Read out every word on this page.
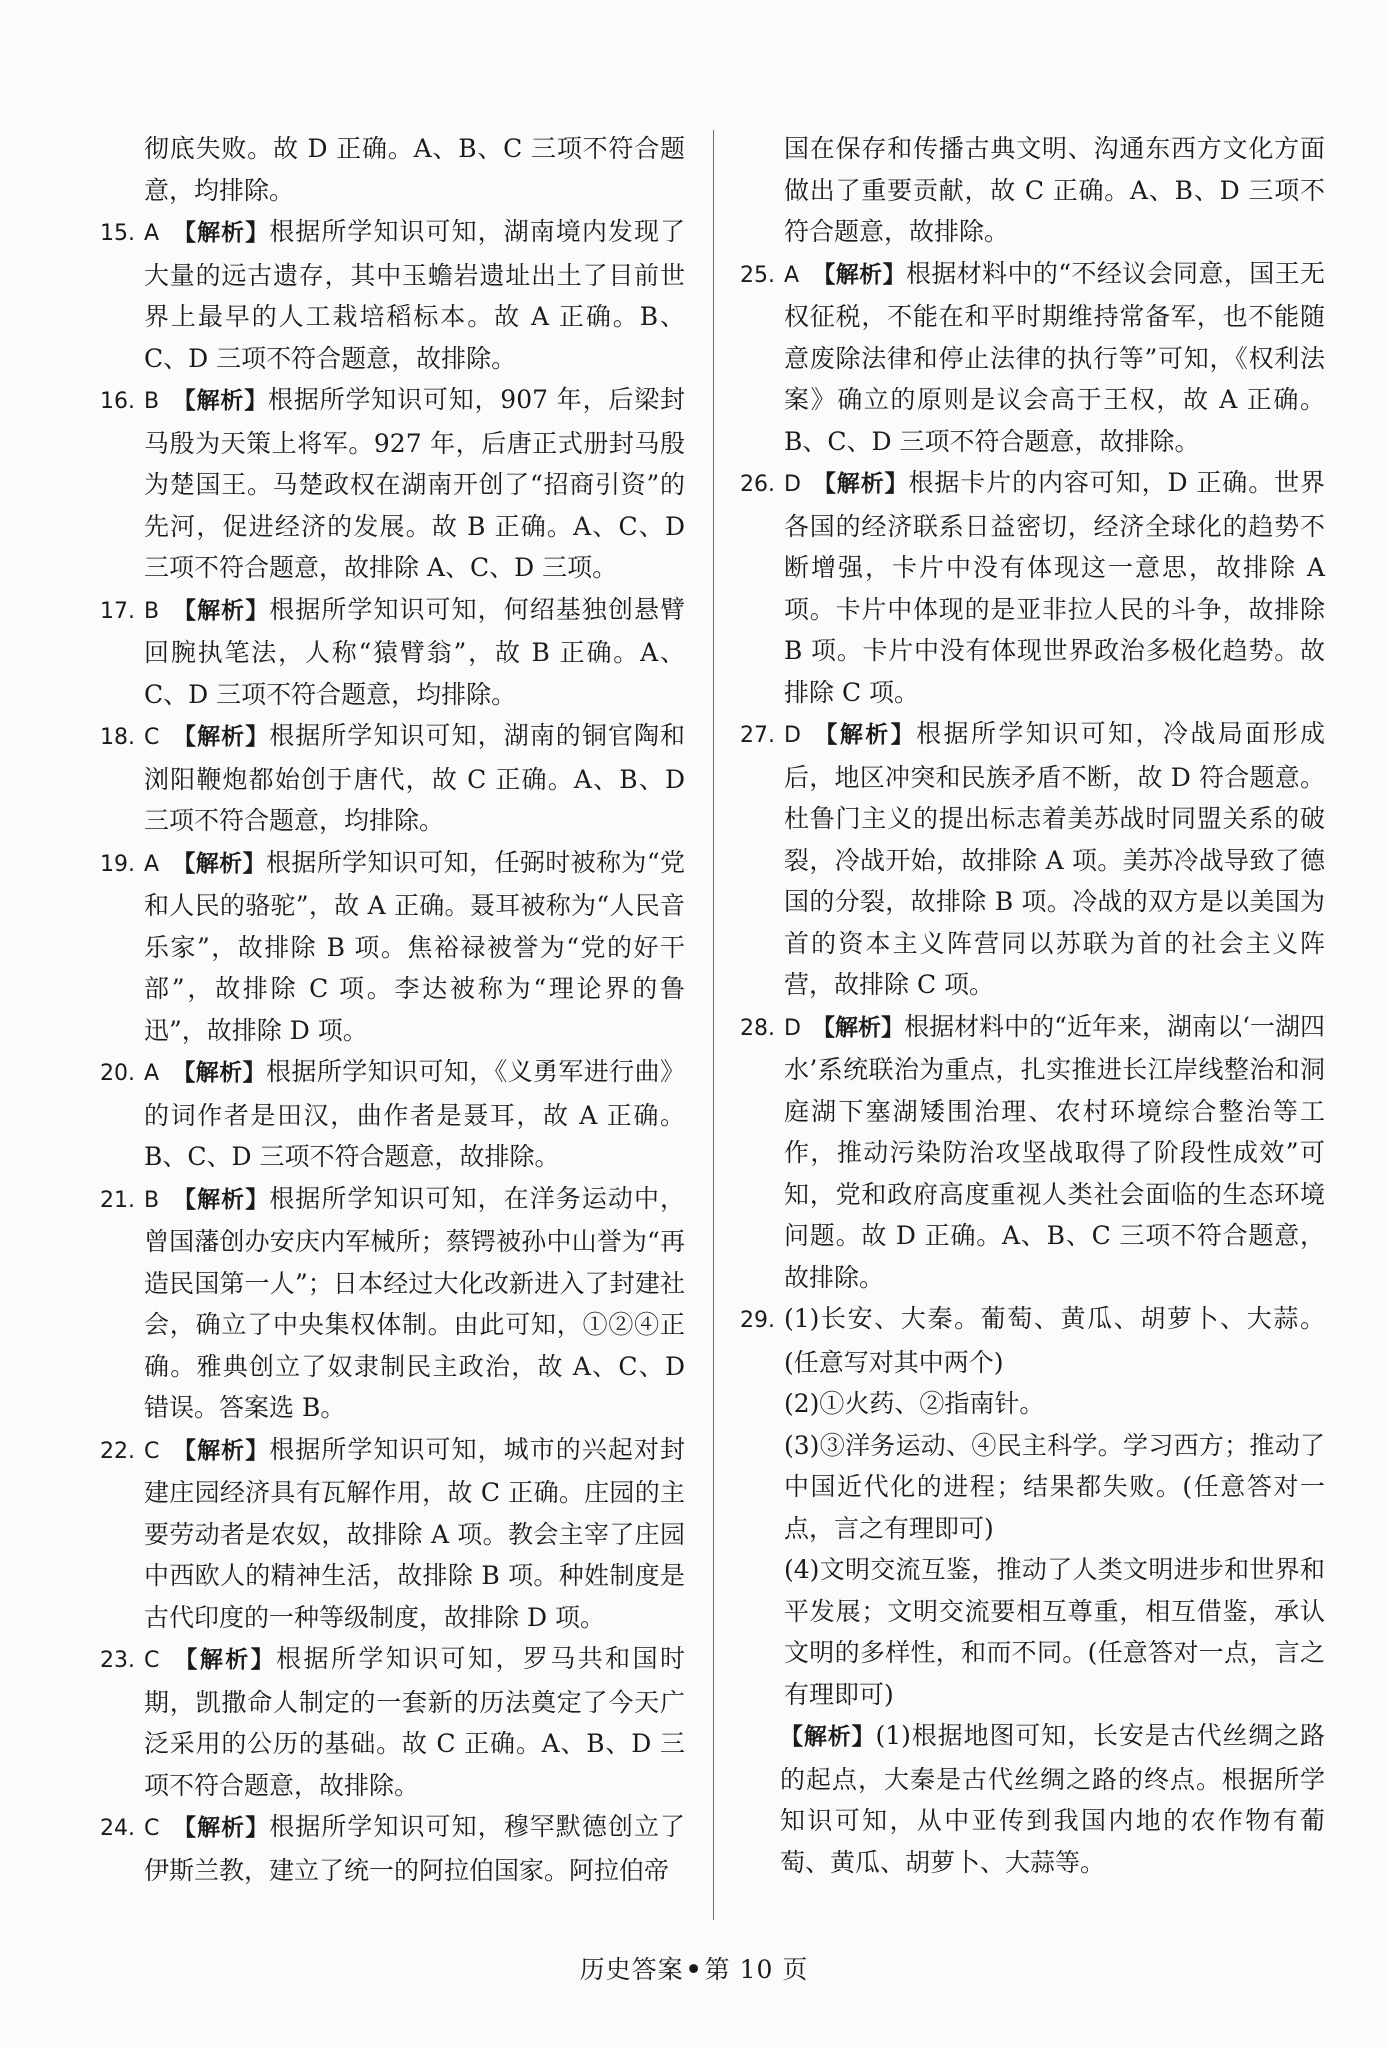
彻底失败。故 D 正确。A、B、C 三项不符合题意，均排除。

15. A 【解析】根据所学知识可知，湖南境内发现了大量的远古遗存，其中玉蟾岩遗址出土了目前世界上最早的人工栽培稻标本。故 A 正确。B、C、D 三项不符合题意，故排除。

16. B 【解析】根据所学知识可知，907 年，后梁封马殷为天策上将军。927 年，后唐正式册封马殷为楚国王。马楚政权在湖南开创了“招商引资”的先河，促进经济的发展。故 B 正确。A、C、D 三项不符合题意，故排除 A、C、D 三项。

17. B 【解析】根据所学知识可知，何绍基独创悬臂回腕执笔法，人称“猿臂翁”，故 B 正确。A、C、D 三项不符合题意，均排除。

18. C 【解析】根据所学知识可知，湖南的铜官陶和浏阳鞭炮都始创于唐代，故 C 正确。A、B、D 三项不符合题意，均排除。

19. A 【解析】根据所学知识可知，任弼时被称为“党和人民的骆驼”，故 A 正确。聂耳被称为“人民音乐家”，故排除 B 项。焦裕禄被誉为“党的好干部”，故排除 C 项。李达被称为“理论界的鲁迅”，故排除 D 项。

20. A 【解析】根据所学知识可知，《义勇军进行曲》的词作者是田汉，曲作者是聂耳，故 A 正确。B、C、D 三项不符合题意，故排除。

21. B 【解析】根据所学知识可知，在洋务运动中，曾国藩创办安庆内军械所；蔡锷被孙中山誉为“再造民国第一人”；日本经过大化改新进入了封建社会，确立了中央集权体制。由此可知，①②④正确。雅典创立了奴隶制民主政治，故 A、C、D 错误。答案选 B。

22. C 【解析】根据所学知识可知，城市的兴起对封建庄园经济具有瓦解作用，故 C 正确。庄园的主要劳动者是农奴，故排除 A 项。教会主宰了庄园中西欧人的精神生活，故排除 B 项。种姓制度是古代印度的一种等级制度，故排除 D 项。

23. C 【解析】根据所学知识可知，罗马共和国时期，凯撒命人制定的一套新的历法奠定了今天广泛采用的公历的基础。故 C 正确。A、B、D 三项不符合题意，故排除。

24. C 【解析】根据所学知识可知，穆罕默德创立了伊斯兰教，建立了统一的阿拉伯国家。阿拉伯帝

国在保存和传播古典文明、沟通东西方文化方面做出了重要贡献，故 C 正确。A、B、D 三项不符合题意，故排除。

25. A 【解析】根据材料中的“不经议会同意，国王无权征税，不能在和平时期维持常备军，也不能随意废除法律和停止法律的执行等”可知，《权利法案》确立的原则是议会高于王权，故 A 正确。B、C、D 三项不符合题意，故排除。

26. D 【解析】根据卡片的内容可知，D 正确。世界各国的经济联系日益密切，经济全球化的趋势不断增强，卡片中没有体现这一意思，故排除 A 项。卡片中体现的是亚非拉人民的斗争，故排除 B 项。卡片中没有体现世界政治多极化趋势。故排除 C 项。

27. D 【解析】根据所学知识可知，冷战局面形成后，地区冲突和民族矛盾不断，故 D 符合题意。杜鲁门主义的提出标志着美苏战时同盟关系的破裂，冷战开始，故排除 A 项。美苏冷战导致了德国的分裂，故排除 B 项。冷战的双方是以美国为首的资本主义阵营同以苏联为首的社会主义阵营，故排除 C 项。

28. D 【解析】根据材料中的“近年来，湖南以‘一湖四水’系统联治为重点，扎实推进长江岸线整治和洞庭湖下塞湖矮围治理、农村环境综合整治等工作，推动污染防治攻坚战取得了阶段性成效”可知，党和政府高度重视人类社会面临的生态环境问题。故 D 正确。A、B、C 三项不符合题意，故排除。

29. (1)长安、大秦。葡萄、黄瓜、胡萝卜、大蒜。(任意写对其中两个)

(2)①火药、②指南针。

(3)③洋务运动、④民主科学。学习西方；推动了中国近代化的进程；结果都失败。(任意答对一点，言之有理即可)

(4)文明交流互鉴，推动了人类文明进步和世界和平发展；文明交流要相互尊重，相互借鉴，承认文明的多样性，和而不同。(任意答对一点，言之有理即可)

【解析】(1)根据地图可知，长安是古代丝绸之路的起点，大秦是古代丝绸之路的终点。根据所学知识可知，从中亚传到我国内地的农作物有葡萄、黄瓜、胡萝卜、大蒜等。

历史答案•第 10 页
